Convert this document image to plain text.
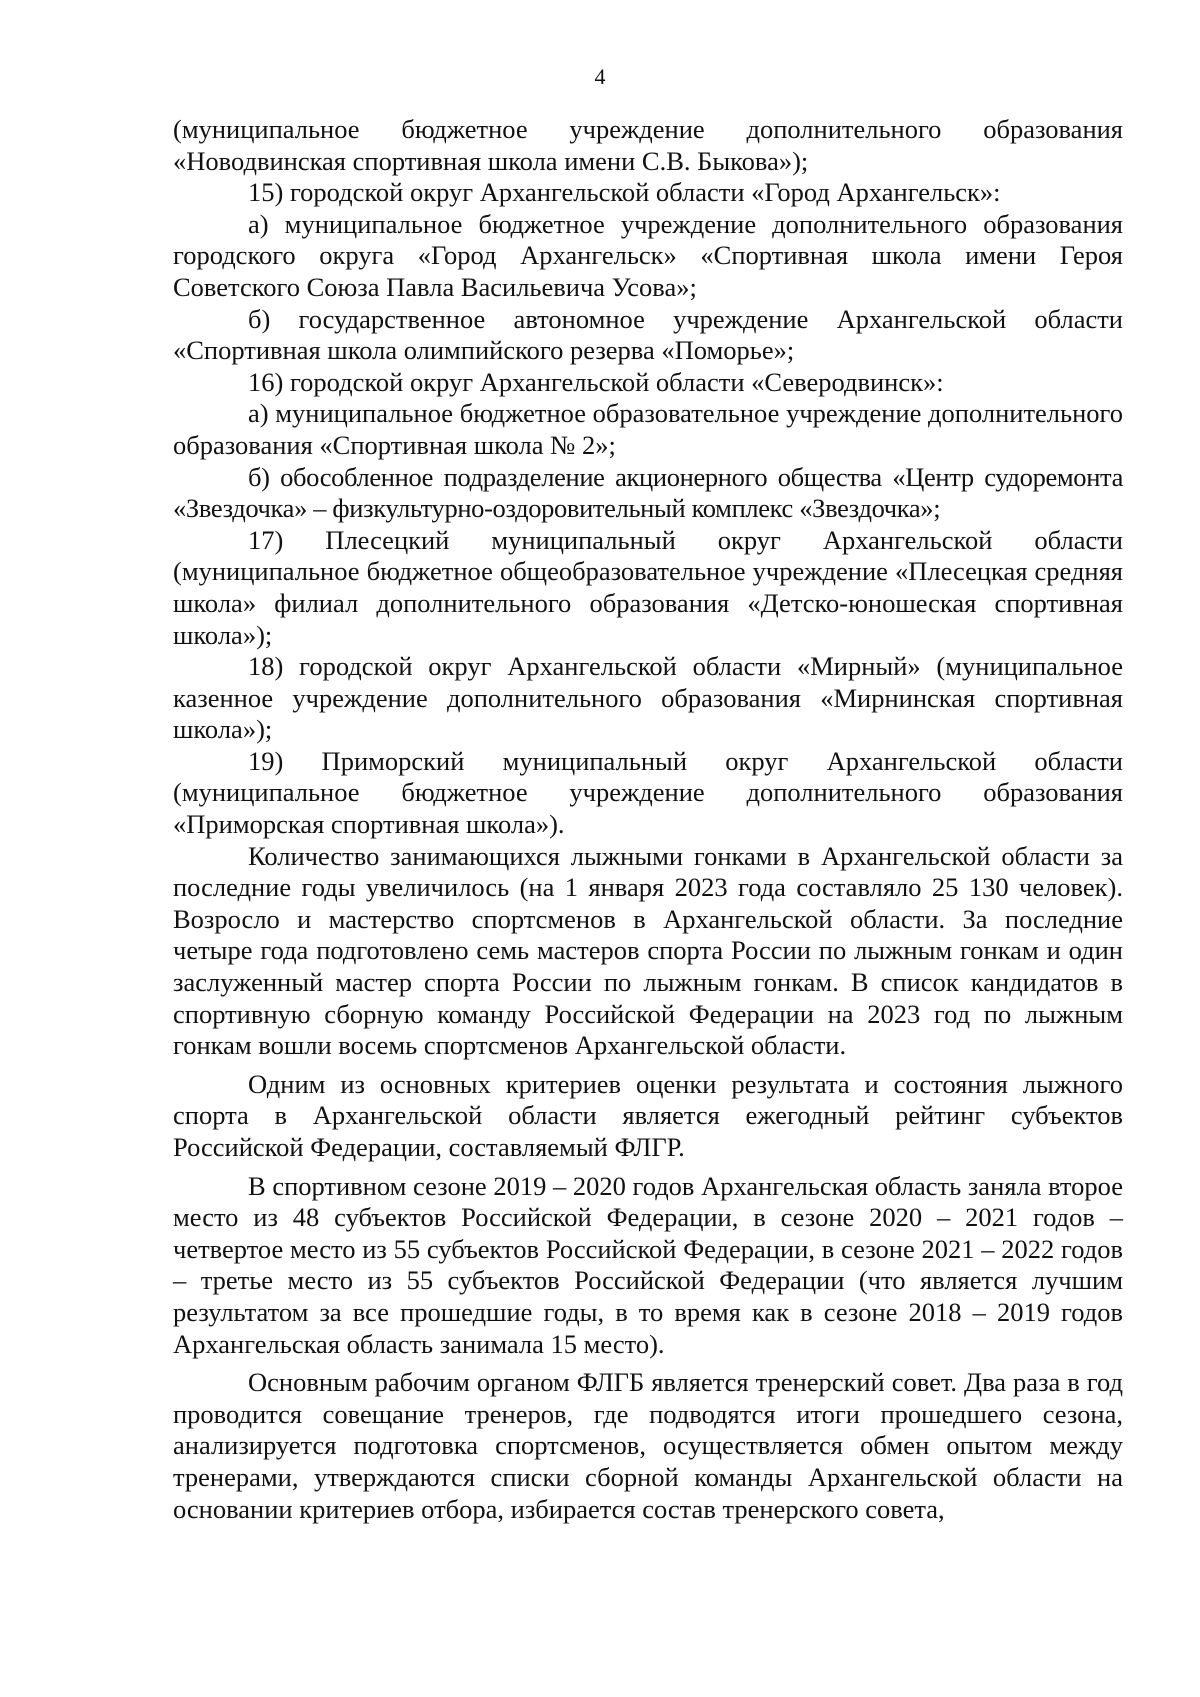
4

(муниципальное бюджетное учреждение дополнительного образования «Новодвинская спортивная школа имени С.В. Быкова»);

15) городской округ Архангельской области «Город Архангельск»:

а) муниципальное бюджетное учреждение дополнительного образования городского округа «Город Архангельск» «Спортивная школа имени Героя Советского Союза Павла Васильевича Усова»;

б) государственное автономное учреждение Архангельской области «Спортивная школа олимпийского резерва «Поморье»;

16) городской округ Архангельской области «Северодвинск»:

а) муниципальное бюджетное образовательное учреждение дополнительного образования «Спортивная школа № 2»;

б) обособленное подразделение акционерного общества «Центр судоремонта «Звездочка» – физкультурно-оздоровительный комплекс «Звездочка»;

17) Плесецкий муниципальный округ Архангельской области (муниципальное бюджетное общеобразовательное учреждение «Плесецкая средняя школа» филиал дополнительного образования «Детско-юношеская спортивная школа»);

18) городской округ Архангельской области «Мирный» (муниципальное казенное учреждение дополнительного образования «Мирнинская спортивная школа»);

19) Приморский муниципальный округ Архангельской области (муниципальное бюджетное учреждение дополнительного образования «Приморская спортивная школа»).

Количество занимающихся лыжными гонками в Архангельской области за последние годы увеличилось (на 1 января 2023 года составляло 25 130 человек). Возросло и мастерство спортсменов в Архангельской области. За последние четыре года подготовлено семь мастеров спорта России по лыжным гонкам и один заслуженный мастер спорта России по лыжным гонкам. В список кандидатов в спортивную сборную команду Российской Федерации на 2023 год по лыжным гонкам вошли восемь спортсменов Архангельской области.

Одним из основных критериев оценки результата и состояния лыжного спорта в Архангельской области является ежегодный рейтинг субъектов Российской Федерации, составляемый ФЛГР.

В спортивном сезоне 2019 – 2020 годов Архангельская область заняла второе место из 48 субъектов Российской Федерации, в сезоне 2020 – 2021 годов – четвертое место из 55 субъектов Российской Федерации, в сезоне 2021 – 2022 годов – третье место из 55 субъектов Российской Федерации (что является лучшим результатом за все прошедшие годы, в то время как в сезоне 2018 – 2019 годов Архангельская область занимала 15 место).

Основным рабочим органом ФЛГБ является тренерский совет. Два раза в год проводится совещание тренеров, где подводятся итоги прошедшего сезона, анализируется подготовка спортсменов, осуществляется обмен опытом между тренерами, утверждаются списки сборной команды Архангельской области на основании критериев отбора, избирается состав тренерского совета,
